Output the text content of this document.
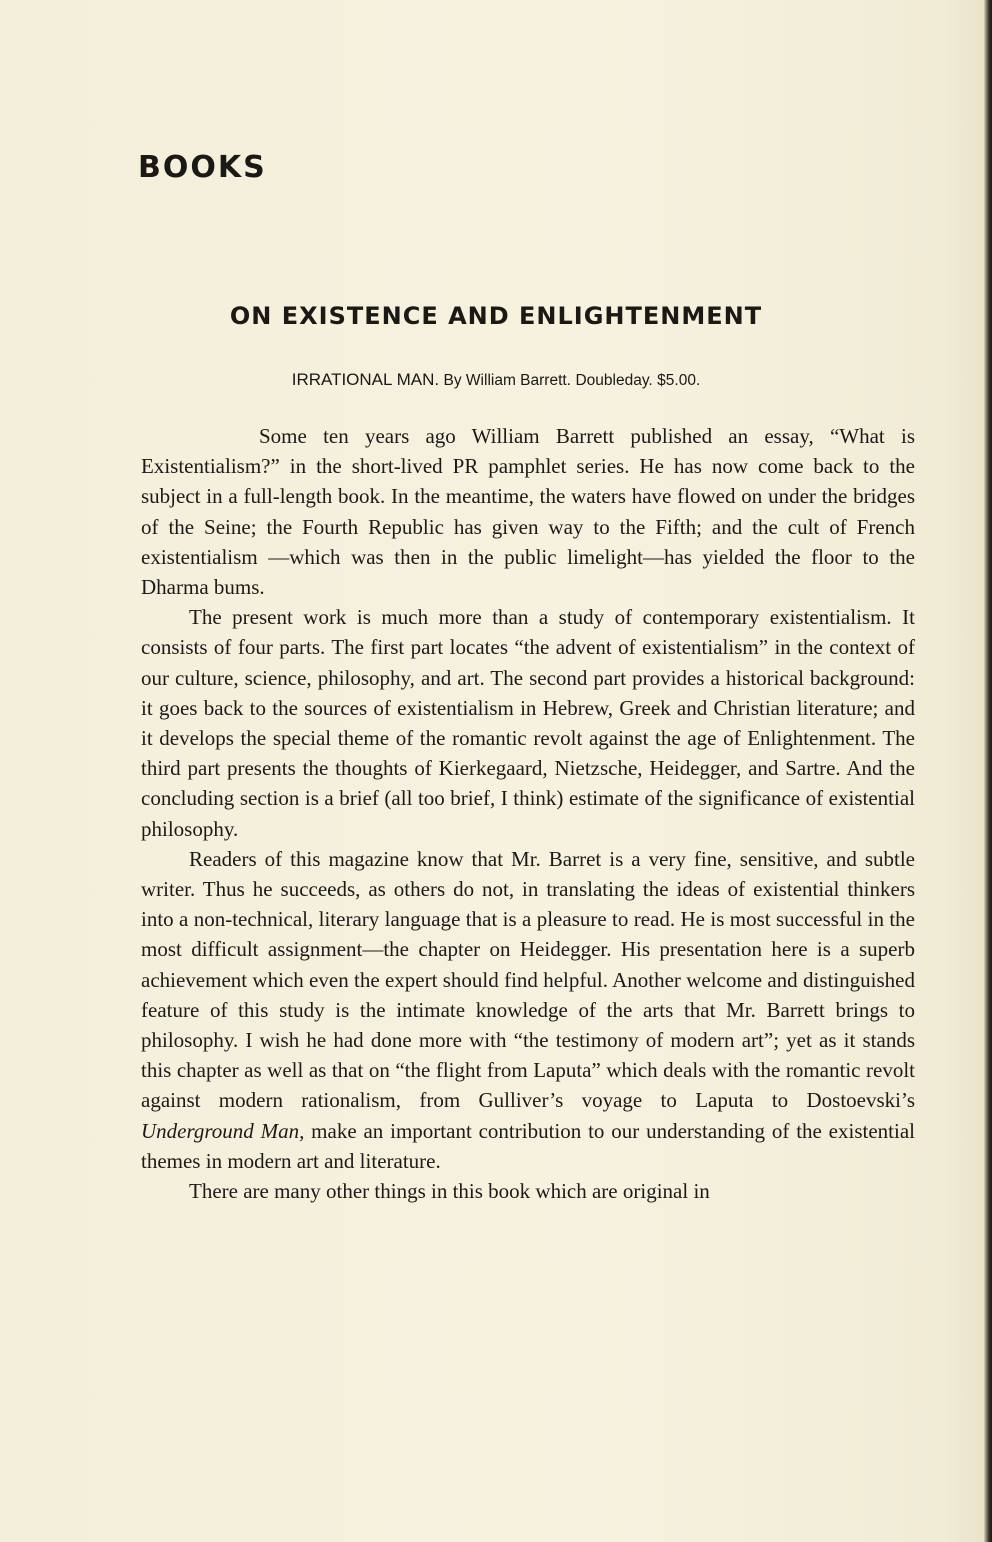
BOOKS
ON EXISTENCE AND ENLIGHTENMENT

IRRATIONAL MAN. By William Barrett. Doubleday. $5.00.

Some ten years ago William Barrett published an essay, “What is Existentialism?” in the short-lived PR pamphlet series. He has now come back to the subject in a full-length book. In the meantime, the waters have flowed on under the bridges of the Seine; the Fourth Republic has given way to the Fifth; and the cult of French existentialism —which was then in the public limelight—has yielded the floor to the Dharma bums.

The present work is much more than a study of contemporary existentialism. It consists of four parts. The first part locates “the advent of existentialism” in the context of our culture, science, philosophy, and art. The second part provides a historical background: it goes back to the sources of existentialism in Hebrew, Greek and Christian literature; and it develops the special theme of the romantic revolt against the age of Enlightenment. The third part presents the thoughts of Kierkegaard, Nietzsche, Heidegger, and Sartre. And the concluding section is a brief (all too brief, I think) estimate of the significance of existential philosophy.

Readers of this magazine know that Mr. Barret is a very fine, sensitive, and subtle writer. Thus he succeeds, as others do not, in translating the ideas of existential thinkers into a non-technical, literary language that is a pleasure to read. He is most successful in the most difficult assignment—the chapter on Heidegger. His presentation here is a superb achievement which even the expert should find helpful. Another welcome and distinguished feature of this study is the intimate knowledge of the arts that Mr. Barrett brings to philosophy. I wish he had done more with “the testimony of modern art”; yet as it stands this chapter as well as that on “the flight from Laputa” which deals with the romantic revolt against modern rationalism, from Gulliver’s voyage to Laputa to Dostoevski’s Underground Man, make an important contribution to our understanding of the existential themes in modern art and literature.

There are many other things in this book which are original in
